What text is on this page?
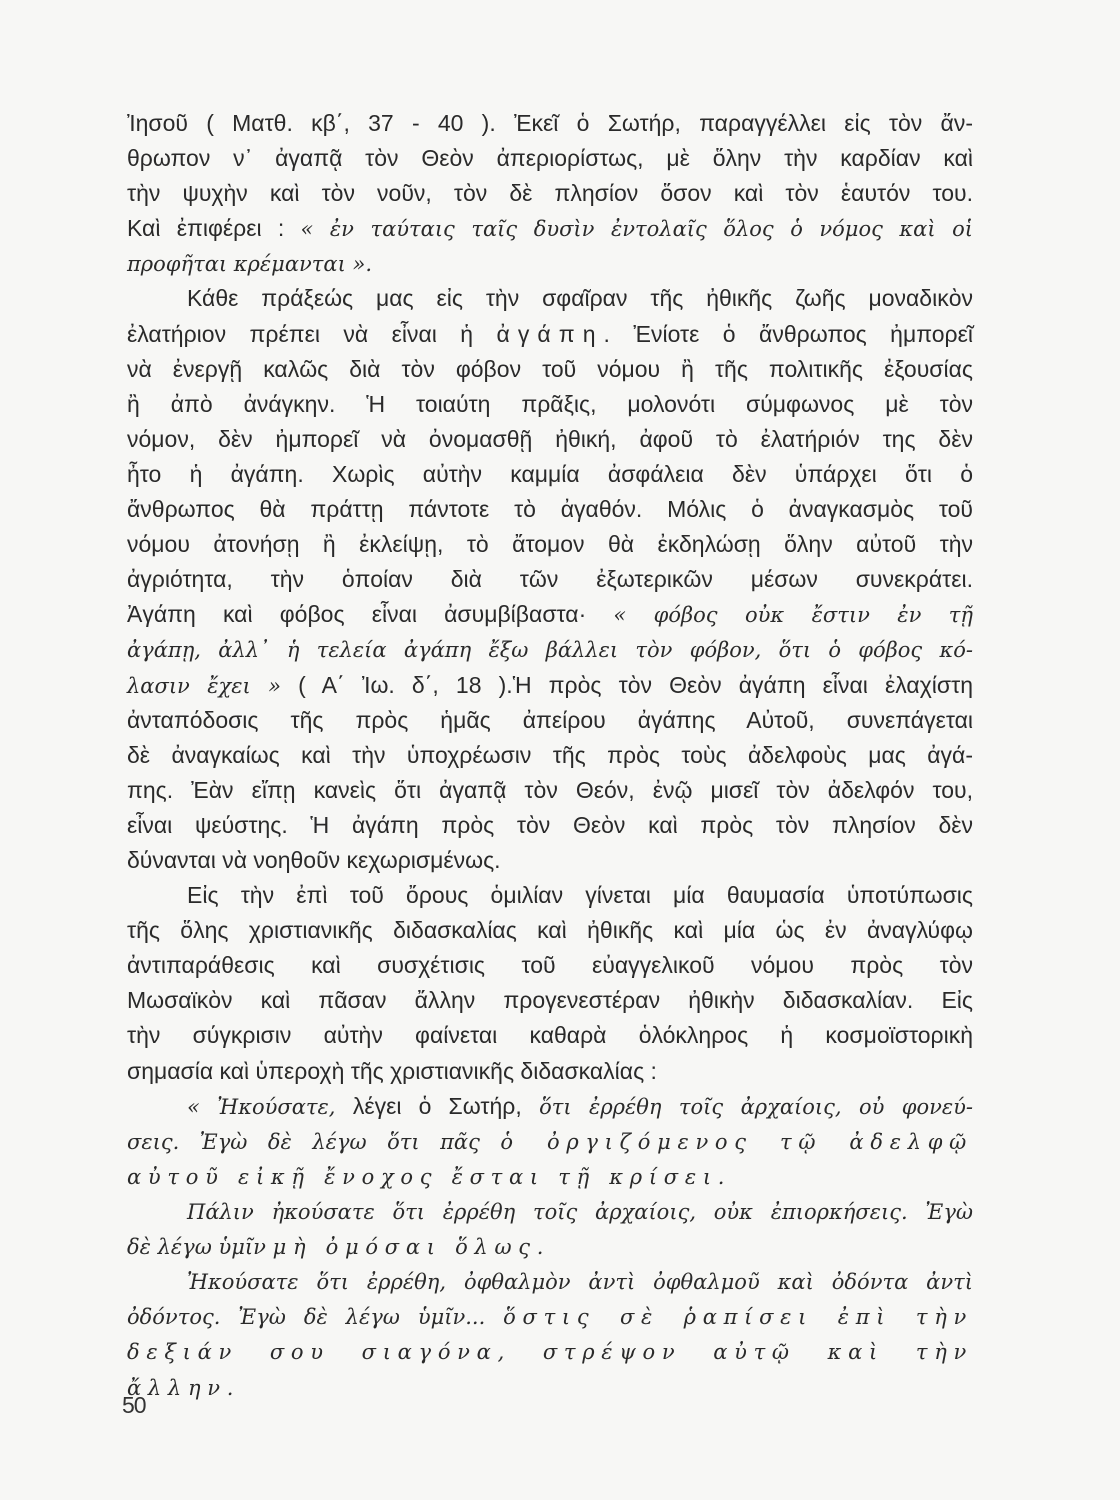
Ἰησοῦ ( Ματθ. κβ΄, 37 - 40 ). Ἐκεῖ ὁ Σωτήρ, παραγγέλλει εἰς τὸν ἄν-
θρωπον ν᾽ ἀγαπᾷ τὸν Θεὸν ἀπεριορίστως, μὲ ὅλην τὴν καρδίαν καὶ
τὴν ψυχὴν καὶ τὸν νοῦν, τὸν δὲ πλησίον ὅσον καὶ τὸν ἑαυτόν του.
Καὶ ἐπιφέρει : « ἐν ταύταις ταῖς δυσὶν ἐντολαῖς ὅλος ὁ νόμος καὶ οἱ
προφῆται κρέμανται ».
Κάθε πράξεώς μας εἰς τὴν σφαῖραν τῆς ἠθικῆς ζωῆς μοναδικὸν
ἐλατήριον πρέπει νὰ εἶναι ἡ ἀγάπη. Ἐνίοτε ὁ ἄνθρωπος ἠμπορεῖ
νὰ ἐνεργῇ καλῶς διὰ τὸν φόβον τοῦ νόμου ἢ τῆς πολιτικῆς ἐξουσίας
ἢ ἀπὸ ἀνάγκην. Ἡ τοιαύτη πρᾶξις, μολονότι σύμφωνος μὲ τὸν
νόμον, δὲν ἠμπορεῖ νὰ ὀνομασθῇ ἠθική, ἀφοῦ τὸ ἐλατήριόν της δὲν
ἦτο ἡ ἀγάπη. Χωρὶς αὐτὴν καμμία ἀσφάλεια δὲν ὑπάρχει ὅτι ὁ
ἄνθρωπος θὰ πράττῃ πάντοτε τὸ ἀγαθόν. Μόλις ὁ ἀναγκασμὸς τοῦ
νόμου ἀτονήσῃ ἢ ἐκλείψῃ, τὸ ἄτομον θὰ ἐκδηλώσῃ ὅλην αὐτοῦ τὴν
ἀγριότητα, τὴν ὁποίαν διὰ τῶν ἐξωτερικῶν μέσων συνεκράτει.
Ἀγάπη καὶ φόβος εἶναι ἀσυμβίβαστα· « φόβος οὐκ ἔστιν ἐν τῇ
ἀγάπῃ, ἀλλ᾽ ἡ τελεία ἀγάπη ἔξω βάλλει τὸν φόβον, ὅτι ὁ φόβος κό-
λασιν ἔχει » ( Α΄ Ἰω. δ΄, 18 ).Ἡ πρὸς τὸν Θεὸν ἀγάπη εἶναι ἐλαχίστη
ἀνταπόδοσις τῆς πρὸς ἡμᾶς ἀπείρου ἀγάπης Αὐτοῦ, συνεπάγεται
δὲ ἀναγκαίως καὶ τὴν ὑποχρέωσιν τῆς πρὸς τοὺς ἀδελφοὺς μας ἀγά-
πης. Ἐὰν εἴπῃ κανεὶς ὅτι ἀγαπᾷ τὸν Θεόν, ἐνῷ μισεῖ τὸν ἀδελφόν του,
εἶναι ψεύστης. Ἡ ἀγάπη πρὸς τὸν Θεὸν καὶ πρὸς τὸν πλησίον δὲν
δύνανται νὰ νοηθοῦν κεχωρισμένως.
Εἰς τὴν ἐπὶ τοῦ ὄρους ὁμιλίαν γίνεται μία θαυμασία ὑποτύπωσις
τῆς ὅλης χριστιανικῆς διδασκαλίας καὶ ἠθικῆς καὶ μία ὡς ἐν ἀναγλύφῳ
ἀντιπαράθεσις καὶ συσχέτισις τοῦ εὐαγγελικοῦ νόμου πρὸς τὸν
Μωσαϊκὸν καὶ πᾶσαν ἄλλην προγενεστέραν ἠθικὴν διδασκαλίαν. Εἰς
τὴν σύγκρισιν αὐτὴν φαίνεται καθαρὰ ὁλόκληρος ἡ κοσμοϊστορικὴ
σημασία καὶ ὑπεροχὴ τῆς χριστιανικῆς διδασκαλίας :
« Ἠκούσατε, λέγει ὁ Σωτήρ, ὅτι ἐρρέθη τοῖς ἀρχαίοις, οὐ φονεύ-
σεις. Ἐγὼ δὲ λέγω ὅτι πᾶς ὁ ὀργιζόμενος τῷ ἀδελφῷ
αὐτοῦ εἰκῇ ἔνοχος ἔσται τῇ κρίσει.
Πάλιν ἠκούσατε ὅτι ἐρρέθη τοῖς ἀρχαίοις, οὐκ ἐπιορκήσεις. Ἐγὼ
δὲ λέγω ὑμῖν μὴ ὀμόσαι ὅλως.
Ἠκούσατε ὅτι ἐρρέθη, ὀφθαλμὸν ἀντὶ ὀφθαλμοῦ καὶ ὀδόντα ἀντὶ
ὀδόντος. Ἐγὼ δὲ λέγω ὑμῖν... ὅστις σὲ ῥαπίσει ἐπὶ τὴν
δεξιάν σου σιαγόνα, στρέψον αὐτῷ καὶ τὴν ἄλλην.
50
